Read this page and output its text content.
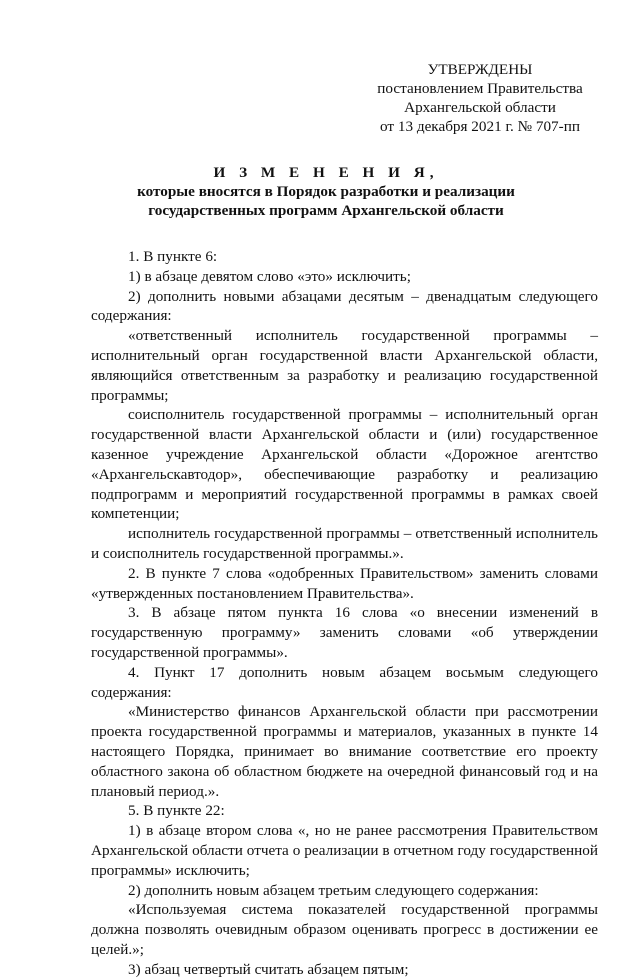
УТВЕРЖДЕНЫ
постановлением Правительства
Архангельской области
от 13 декабря 2021 г. № 707-пп
И З М Е Н Е Н И Я,
которые вносятся в Порядок разработки и реализации
государственных программ Архангельской области

1. В пункте 6:

1) в абзаце девятом слово «это» исключить;

2) дополнить новыми абзацами десятым – двенадцатым следующего содержания:

«ответственный исполнитель государственной программы – исполнительный орган государственной власти Архангельской области, являющийся ответственным за разработку и реализацию государственной программы;

соисполнитель государственной программы – исполнительный орган государственной власти Архангельской области и (или) государственное казенное учреждение Архангельской области «Дорожное агентство «Архангельскавтодор», обеспечивающие разработку и реализацию подпрограмм и мероприятий государственной программы в рамках своей компетенции;

исполнитель государственной программы – ответственный исполнитель и соисполнитель государственной программы.».

2. В пункте 7 слова «одобренных Правительством» заменить словами «утвержденных постановлением Правительства».

3. В абзаце пятом пункта 16 слова «о внесении изменений в государственную программу» заменить словами «об утверждении государственной программы».

4. Пункт 17 дополнить новым абзацем восьмым следующего содержания:

«Министерство финансов Архангельской области при рассмотрении проекта государственной программы и материалов, указанных в пункте 14 настоящего Порядка, принимает во внимание соответствие его проекту областного закона об областном бюджете на очередной финансовый год и на плановый период.».

5. В пункте 22:

1) в абзаце втором слова «, но не ранее рассмотрения Правительством Архангельской области отчета о реализации в отчетном году государственной программы» исключить;

2) дополнить новым абзацем третьим следующего содержания:

«Используемая система показателей государственной программы должна позволять очевидным образом оценивать прогресс в достижении ее целей.»;

3) абзац четвертый считать абзацем пятым;
